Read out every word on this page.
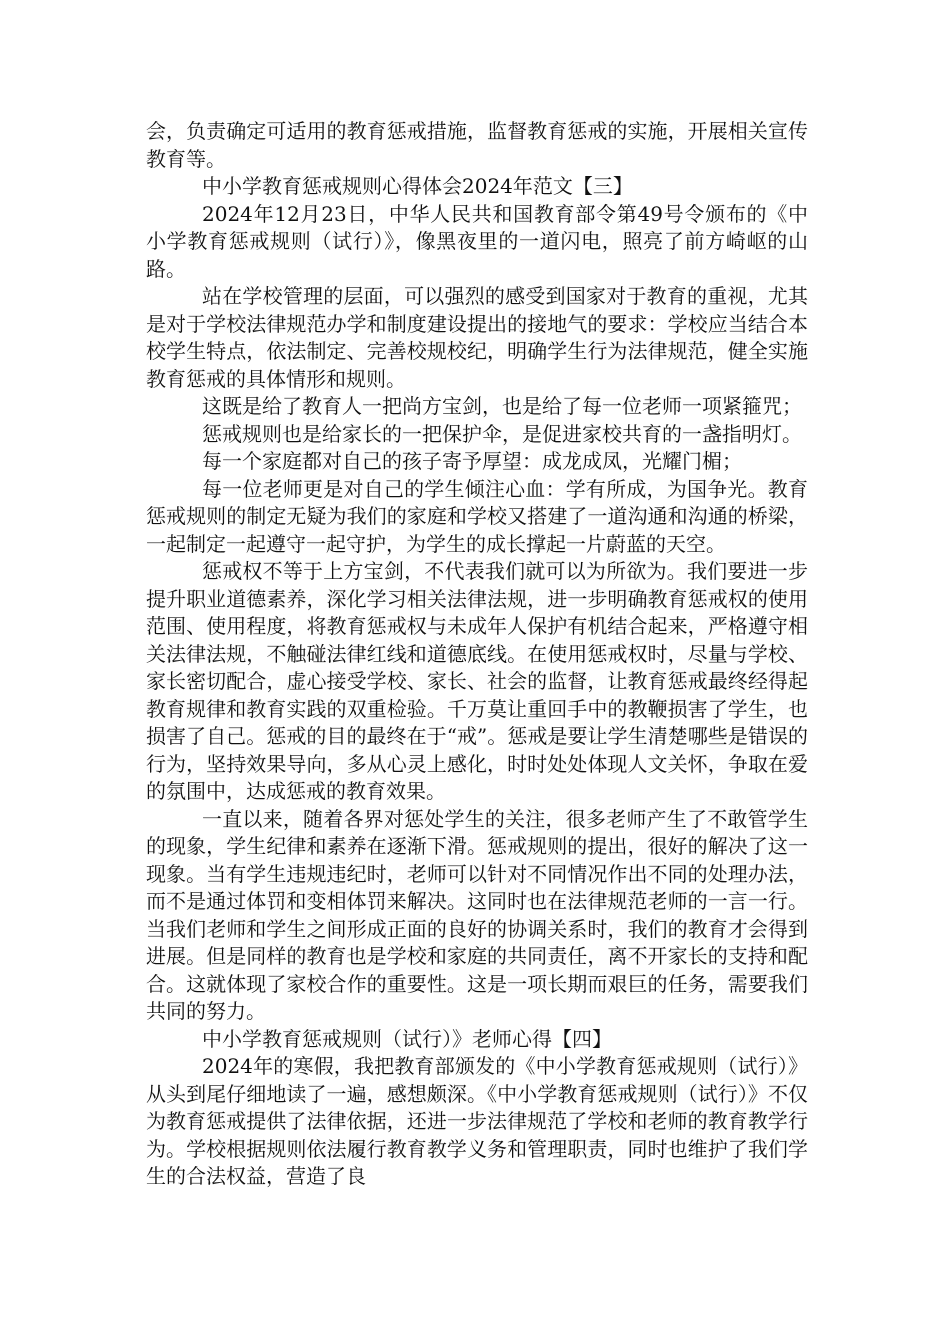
会，负责确定可适用的教育惩戒措施，监督教育惩戒的实施，开展相关宣传教育等。

中小学教育惩戒规则心得体会2024年范文【三】

2024年12月23日，中华人民共和国教育部令第49号令颁布的《中小学教育惩戒规则（试行）》，像黑夜里的一道闪电，照亮了前方崎岖的山路。

站在学校管理的层面，可以强烈的感受到国家对于教育的重视，尤其是对于学校法律规范办学和制度建设提出的接地气的要求：学校应当结合本校学生特点，依法制定、完善校规校纪，明确学生行为法律规范，健全实施教育惩戒的具体情形和规则。

这既是给了教育人一把尚方宝剑，也是给了每一位老师一项紧箍咒；

惩戒规则也是给家长的一把保护伞，是促进家校共育的一盏指明灯。

每一个家庭都对自己的孩子寄予厚望：成龙成凤，光耀门楣；

每一位老师更是对自己的学生倾注心血：学有所成，为国争光。教育惩戒规则的制定无疑为我们的家庭和学校又搭建了一道沟通和沟通的桥梁，一起制定一起遵守一起守护，为学生的成长撑起一片蔚蓝的天空。

惩戒权不等于上方宝剑，不代表我们就可以为所欲为。我们要进一步提升职业道德素养，深化学习相关法律法规，进一步明确教育惩戒权的使用范围、使用程度，将教育惩戒权与未成年人保护有机结合起来，严格遵守相关法律法规，不触碰法律红线和道德底线。在使用惩戒权时，尽量与学校、家长密切配合，虚心接受学校、家长、社会的监督，让教育惩戒最终经得起教育规律和教育实践的双重检验。千万莫让重回手中的教鞭损害了学生，也损害了自己。惩戒的目的最终在于“戒”。惩戒是要让学生清楚哪些是错误的行为，坚持效果导向，多从心灵上感化，时时处处体现人文关怀，争取在爱的氛围中，达成惩戒的教育效果。

一直以来，随着各界对惩处学生的关注，很多老师产生了不敢管学生的现象，学生纪律和素养在逐渐下滑。惩戒规则的提出，很好的解决了这一现象。当有学生违规违纪时，老师可以针对不同情况作出不同的处理办法，而不是通过体罚和变相体罚来解决。这同时也在法律规范老师的一言一行。当我们老师和学生之间形成正面的良好的协调关系时，我们的教育才会得到进展。但是同样的教育也是学校和家庭的共同责任，离不开家长的支持和配合。这就体现了家校合作的重要性。这是一项长期而艰巨的任务，需要我们共同的努力。

中小学教育惩戒规则（试行）》老师心得【四】

2024年的寒假，我把教育部颁发的《中小学教育惩戒规则（试行）》从头到尾仔细地读了一遍，感想颇深。《中小学教育惩戒规则（试行）》不仅为教育惩戒提供了法律依据，还进一步法律规范了学校和老师的教育教学行为。学校根据规则依法履行教育教学义务和管理职责，同时也维护了我们学生的合法权益，营造了良
